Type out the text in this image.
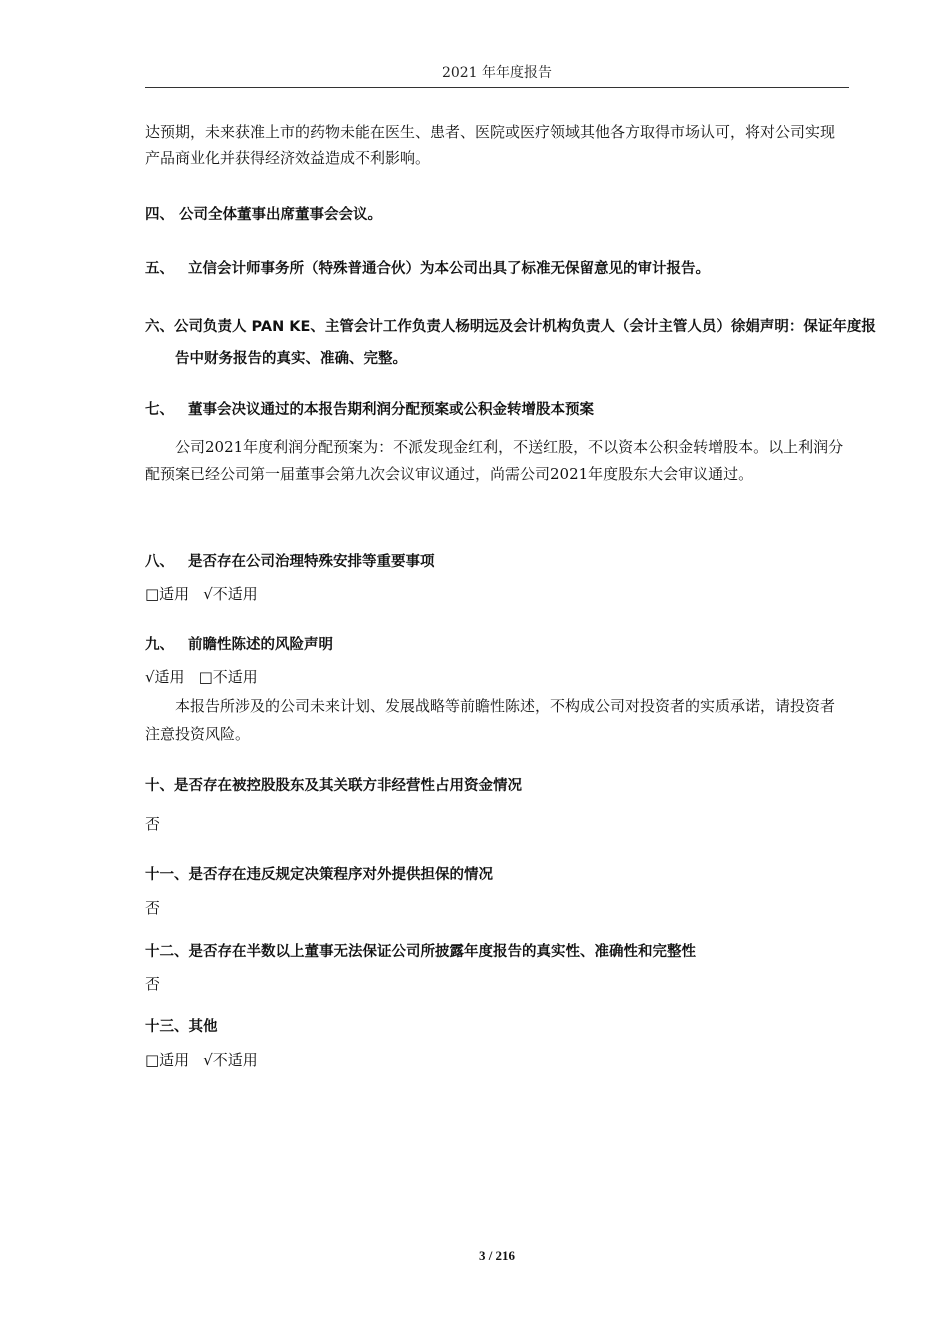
2021 年年度报告
达预期，未来获准上市的药物未能在医生、患者、医院或医疗领域其他各方取得市场认可，将对公司实现产品商业化并获得经济效益造成不利影响。
四、 公司全体董事出席董事会会议。
五、 立信会计师事务所（特殊普通合伙）为本公司出具了标准无保留意见的审计报告。
六、公司负责人 PAN KE、主管会计工作负责人杨明远及会计机构负责人（会计主管人员）徐娟声明：保证年度报告中财务报告的真实、准确、完整。
七、 董事会决议通过的本报告期利润分配预案或公积金转增股本预案
公司2021年度利润分配预案为：不派发现金红利，不送红股，不以资本公积金转增股本。以上利润分配预案已经公司第一届董事会第九次会议审议通过，尚需公司2021年度股东大会审议通过。
八、 是否存在公司治理特殊安排等重要事项
□适用 √不适用
九、 前瞻性陈述的风险声明
√适用 □不适用
本报告所涉及的公司未来计划、发展战略等前瞻性陈述，不构成公司对投资者的实质承诺，请投资者注意投资风险。
十、是否存在被控股股东及其关联方非经营性占用资金情况
否
十一、是否存在违反规定决策程序对外提供担保的情况
否
十二、是否存在半数以上董事无法保证公司所披露年度报告的真实性、准确性和完整性
否
十三、其他
□适用 √不适用
3 / 216
